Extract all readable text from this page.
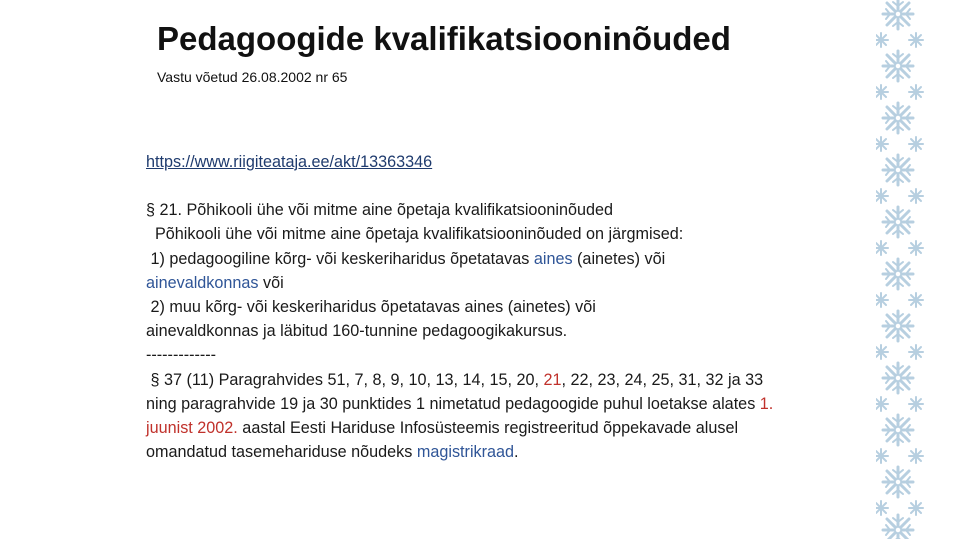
Pedagoogide kvalifikatsiooninõuded
Vastu võetud 26.08.2002 nr 65
https://www.riigiteataja.ee/akt/13363346

§ 21. Põhikooli ühe või mitme aine õpetaja kvalifikatsiooninõuded

Põhikooli ühe või mitme aine õpetaja kvalifikatsiooninõuded on järgmised:

1) pedagoogiline kõrg- või keskeriharidus õpetatavas aines (ainetes) või
ainevaldkonnas või

2) muu kõrg- või keskeriharidus õpetatavas aines (ainetes) või
ainevaldkonnas ja läbitud 160-tunnine pedagoogikakursus.

-------------

§ 37 (11) Paragrahvides 51, 7, 8, 9, 10, 13, 14, 15, 20, 21, 22, 23, 24, 25, 31, 32 ja 33 ning paragrahvide 19 ja 30 punktides 1 nimetatud pedagoogide puhul loetakse alates 1. juunist 2002. aastal Eesti Hariduse Infosüsteemis registreeritud õppekavade alusel omandatud tasemehariduse nõudeks magistrikraad.
